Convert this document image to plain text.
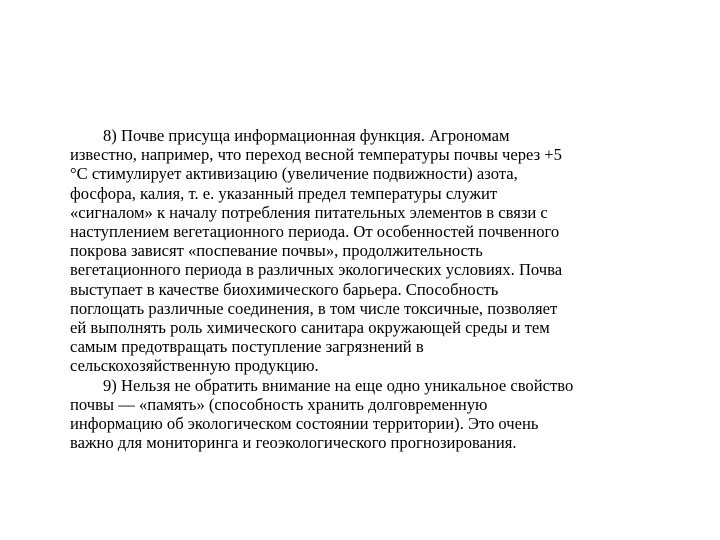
8) Почве присуща информационная функция. Агрономам
известно, например, что переход весной температуры почвы через +5
°С стимулирует активизацию (увеличение подвижности) азота,
фосфора, калия, т. е. указанный предел температуры служит
«сигналом» к началу потребления питательных элементов в связи с
наступлением вегетационного периода. От особенностей почвенного
покрова зависят «поспевание почвы», продолжительность
вегетационного периода в различных экологических условиях. Почва
выступает в качестве биохимического барьера. Способность
поглощать различные соединения, в том числе токсичные, позволяет
ей выполнять роль химического санитара окружающей среды и тем
самым предотвращать поступление загрязнений в
сельскохозяйственную продукцию.
9) Нельзя не обратить внимание на еще одно уникальное свойство
почвы — «память» (способность хранить долговременную
информацию об экологическом состоянии территории). Это очень
важно для мониторинга и геоэкологического прогнозирования.
